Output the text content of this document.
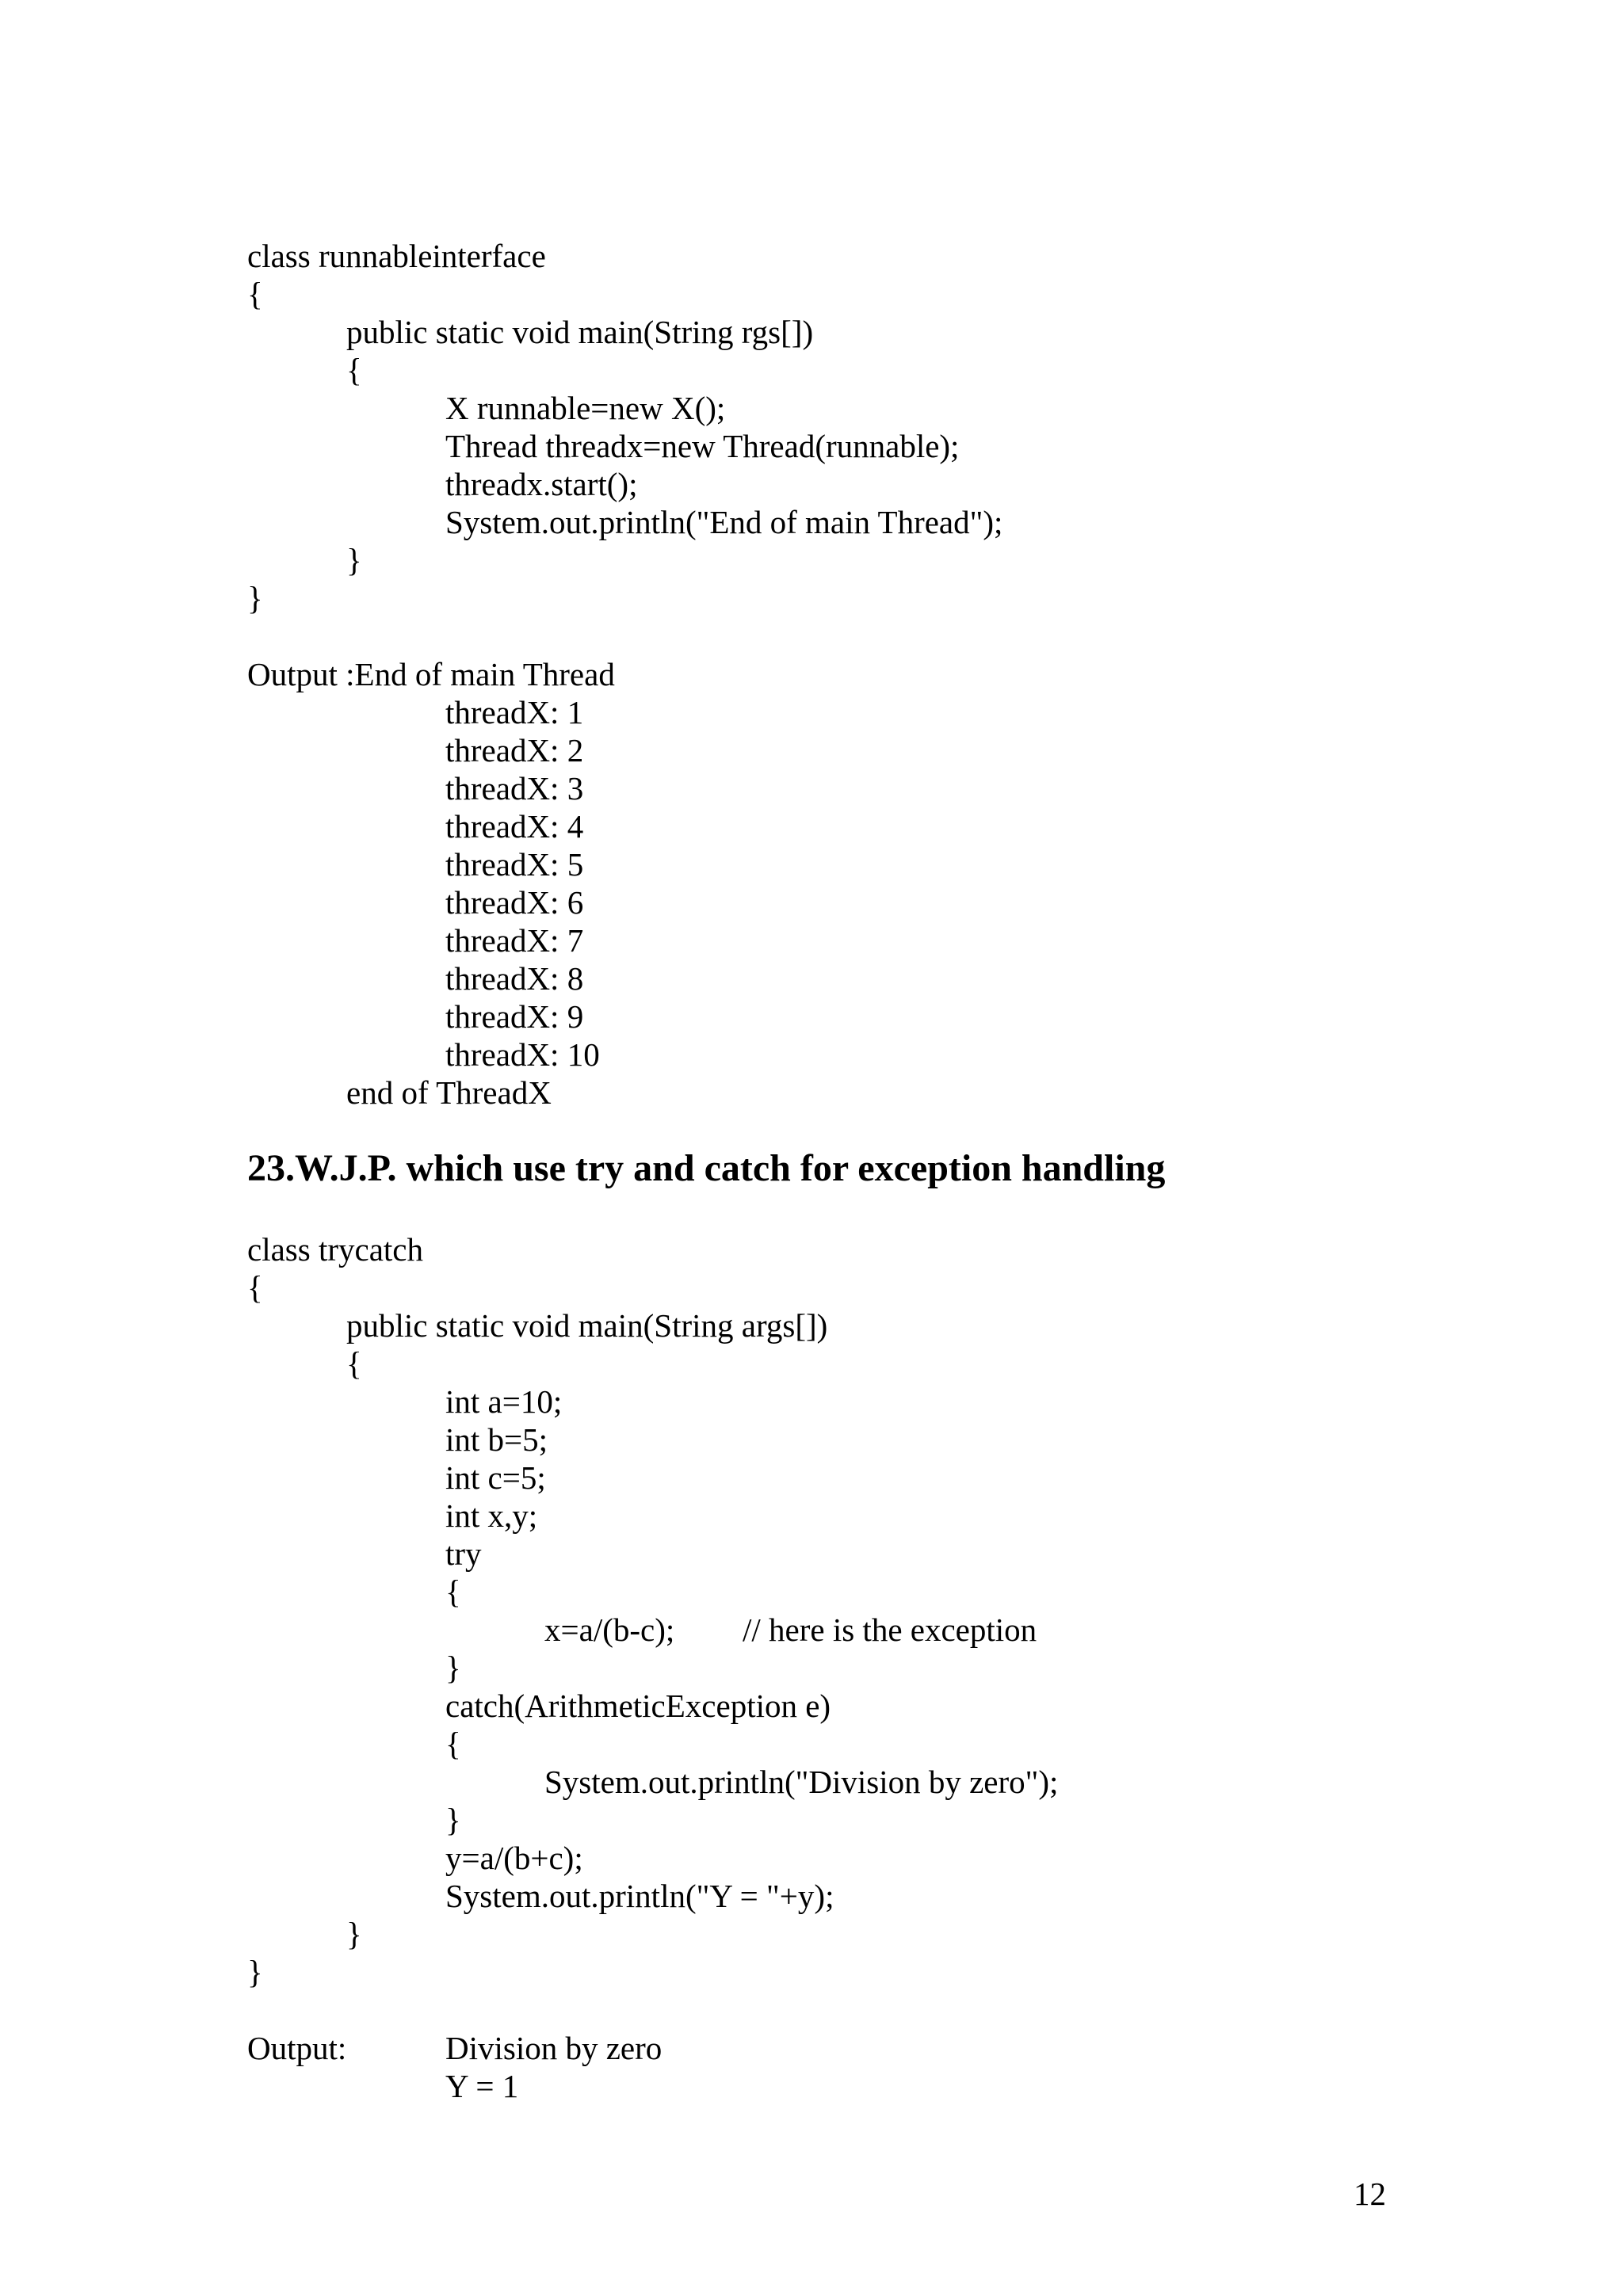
class runnableinterface
{
public static void main(String rgs[])
{
X runnable=new X();
Thread threadx=new Thread(runnable);
threadx.start();
System.out.println("End of main Thread");
}
}
Output :End of main Thread
threadX: 1
threadX: 2
threadX: 3
threadX: 4
threadX: 5
threadX: 6
threadX: 7
threadX: 8
threadX: 9
threadX: 10
end of ThreadX
23.W.J.P. which use try and catch for exception handling
class trycatch
{
public static void main(String args[])
{
int a=10;
int b=5;
int c=5;
int x,y;
try
{
x=a/(b-c); // here is the exception
}
catch(ArithmeticException e)
{
System.out.println("Division by zero");
}
y=a/(b+c);
System.out.println("Y = "+y);
}
}
Output:	Division by zero
Y = 1
12
